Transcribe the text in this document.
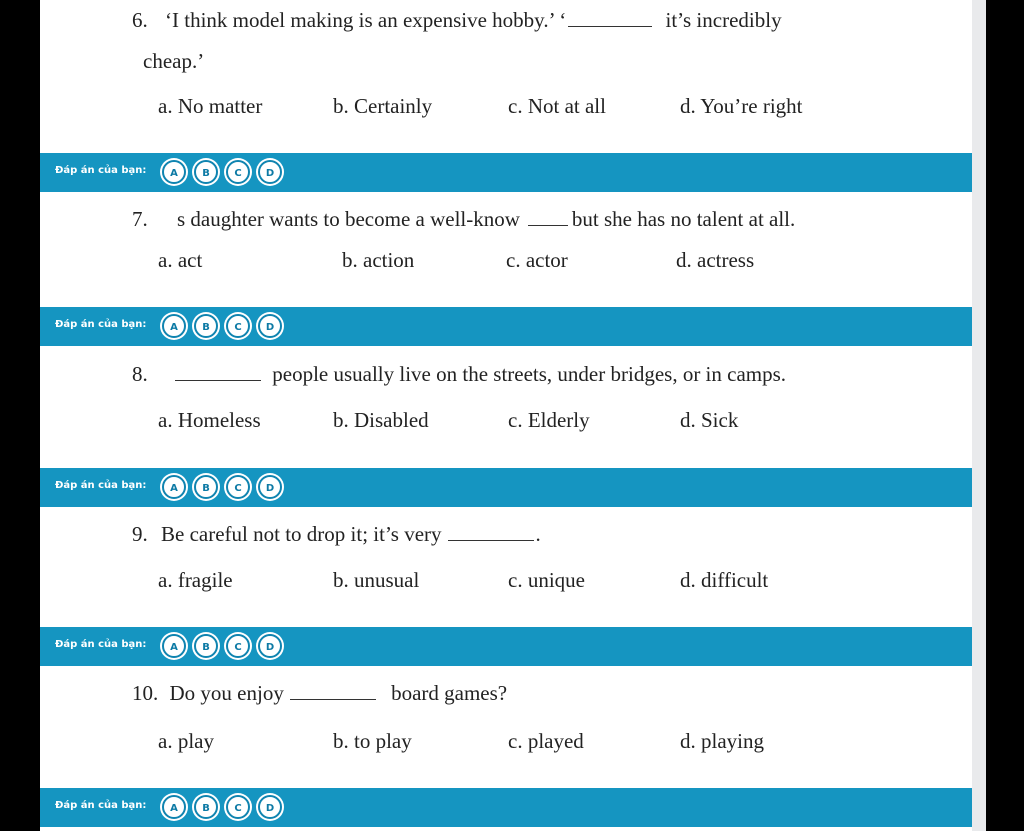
6. ‘I think model making is an expensive hobby.’ ‘	it’s incredibly
cheap.’
a. No matter	b. Certainly	c. Not at all	d. You’re right
Đáp án của bạn:	A	B	C	D
7. s daughter wants to become a well-know but she has no talent at all.
a. act	b. action	c. actor	d. actress
Đáp án của bạn:	A	B	C	D
8.	people usually live on the streets, under bridges, or in camps.
a. Homeless	b. Disabled	c. Elderly	d. Sick
Đáp án của bạn:	A	B	C	D
9. Be careful not to drop it; it’s very	.
a. fragile	b. unusual	c. unique	d. difficult
Đáp án của bạn:	A	B	C	D
10. Do you enjoy	board games?
a. play	b. to play	c. played	d. playing
Đáp án của bạn:	A	B	C	D
